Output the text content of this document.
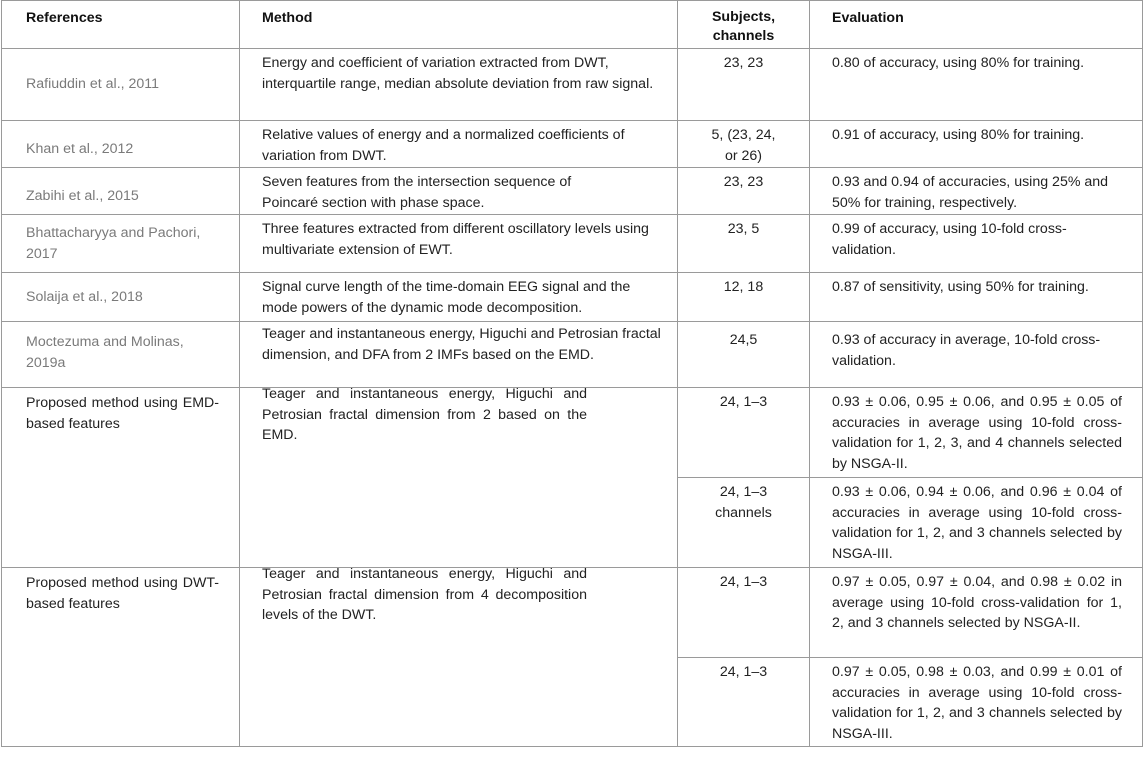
References	Method	Subjects, channels	Evaluation

Rafiuddin et al., 2011	Energy and coefficient of variation extracted from DWT, interquartile range, median absolute deviation from raw signal.	23, 23	0.80 of accuracy, using 80% for training.

Khan et al., 2012	Relative values of energy and a normalized coefficients of variation from DWT.	5, (23, 24, or 26)	0.91 of accuracy, using 80% for training.

Zabihi et al., 2015	Seven features from the intersection sequence of Poincaré section with phase space.	23, 23	0.93 and 0.94 of accuracies, using 25% and 50% for training, respectively.

Bhattacharyya and Pachori, 2017	Three features extracted from different oscillatory levels using multivariate extension of EWT.	23, 5	0.99 of accuracy, using 10-fold cross-validation.

Solaija et al., 2018	Signal curve length of the time-domain EEG signal and the mode powers of the dynamic mode decomposition.	12, 18	0.87 of sensitivity, using 50% for training.

Moctezuma and Molinas, 2019a	Teager and instantaneous energy, Higuchi and Petrosian fractal dimension, and DFA from 2 IMFs based on the EMD.	24,5	0.93 of accuracy in average, 10-fold cross-validation.

Proposed method using EMD-based features	Teager and instantaneous energy, Higuchi and Petrosian fractal dimension from 2 based on the EMD.	24, 1–3	0.93 ± 0.06, 0.95 ± 0.06, and 0.95 ± 0.05 of accuracies in average using 10-fold cross-validation for 1, 2, 3, and 4 channels selected by NSGA-II.

		24, 1–3 channels	0.93 ± 0.06, 0.94 ± 0.06, and 0.96 ± 0.04 of accuracies in average using 10-fold cross-validation for 1, 2, and 3 channels selected by NSGA-III.

Proposed method using DWT-based features	Teager and instantaneous energy, Higuchi and Petrosian fractal dimension from 4 decomposition levels of the DWT.	24, 1–3	0.97 ± 0.05, 0.97 ± 0.04, and 0.98 ± 0.02 in average using 10-fold cross-validation for 1, 2, and 3 channels selected by NSGA-II.

		24, 1–3	0.97 ± 0.05, 0.98 ± 0.03, and 0.99 ± 0.01 of accuracies in average using 10-fold cross-validation for 1, 2, and 3 channels selected by NSGA-III.
